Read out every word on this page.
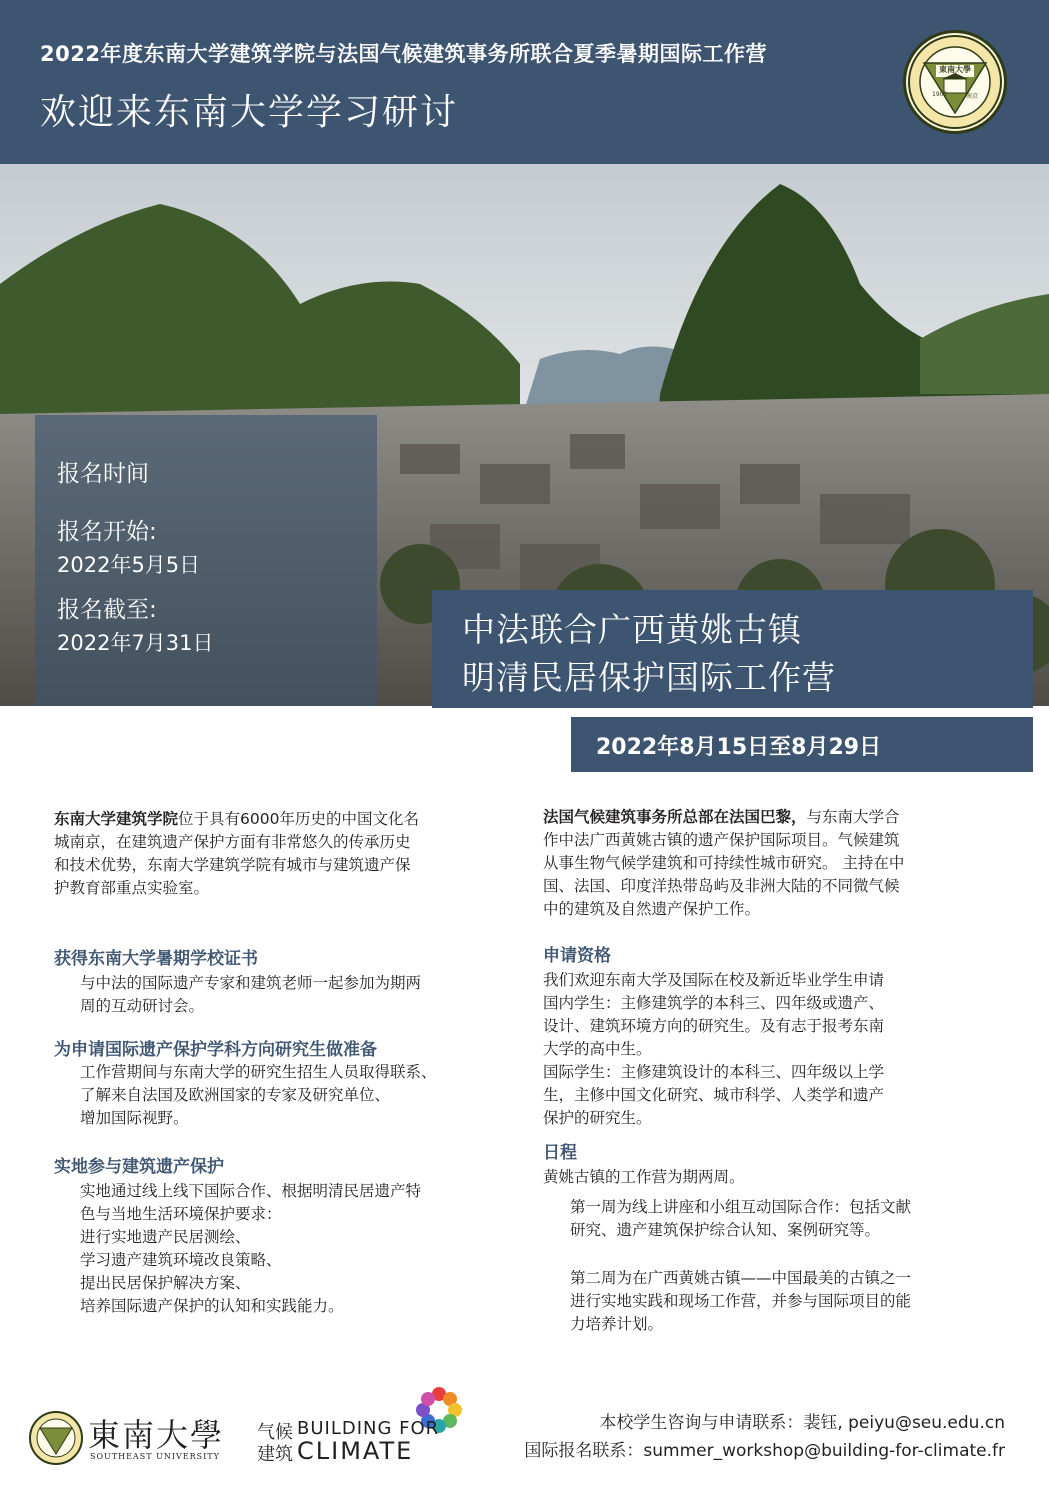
2022年度东南大学建筑学院与法国气候建筑事务所联合夏季暑期国际工作营
欢迎来东南大学学习研讨
東南大學
1902	南京
报名时间
报名开始:
2022年5月5日
报名截至:
2022年7月31日	中法联合广西黄姚古镇
明清民居保护国际工作营
2022年8月15日至8月29日

东南大学建筑学院位于具有6000年历史的中国文化名

城南京，在建筑遗产保护方面有非常悠久的传承历史

和技术优势，东南大学建筑学院有城市与建筑遗产保

护教育部重点实验室。

获得东南大学暑期学校证书

与中法的国际遗产专家和建筑老师一起参加为期两

周的互动研讨会。

为申请国际遗产保护学科方向研究生做准备

工作营期间与东南大学的研究生招生人员取得联系、

了解来自法国及欧洲国家的专家及研究单位、

增加国际视野。

实地参与建筑遗产保护

实地通过线上线下国际合作、根据明清民居遗产特

色与当地生活环境保护要求：

进行实地遗产民居测绘、

学习遗产建筑环境改良策略、

提出民居保护解决方案、

培养国际遗产保护的认知和实践能力。

法国气候建筑事务所总部在法国巴黎，与东南大学合

作中法广西黄姚古镇的遗产保护国际项目。气候建筑

从事生物气候学建筑和可持续性城市研究。 主持在中

国、法国、印度洋热带岛屿及非洲大陆的不同微气候

中的建筑及自然遗产保护工作。

申请资格

我们欢迎东南大学及国际在校及新近毕业学生申请

国内学生：主修建筑学的本科三、四年级或遗产、

设计、建筑环境方向的研究生。及有志于报考东南

大学的高中生。

国际学生：主修建筑设计的本科三、四年级以上学

生，主修中国文化研究、城市科学、人类学和遗产

保护的研究生。

日程

黄姚古镇的工作营为期两周。

第一周为线上讲座和小组互动国际合作：包括文献

研究、遗产建筑保护综合认知、案例研究等。

第二周为在广西黄姚古镇——中国最美的古镇之一

进行实地实践和现场工作营，并参与国际项目的能

力培养计划。

東南大學
SOUTHEAST UNIVERSITY
气候
建筑
BUILDING FOR
CLIMATE
本校学生咨询与申请联系：裴钰, peiyu@seu.edu.cn
国际报名联系：summer_workshop@building-for-climate.fr
